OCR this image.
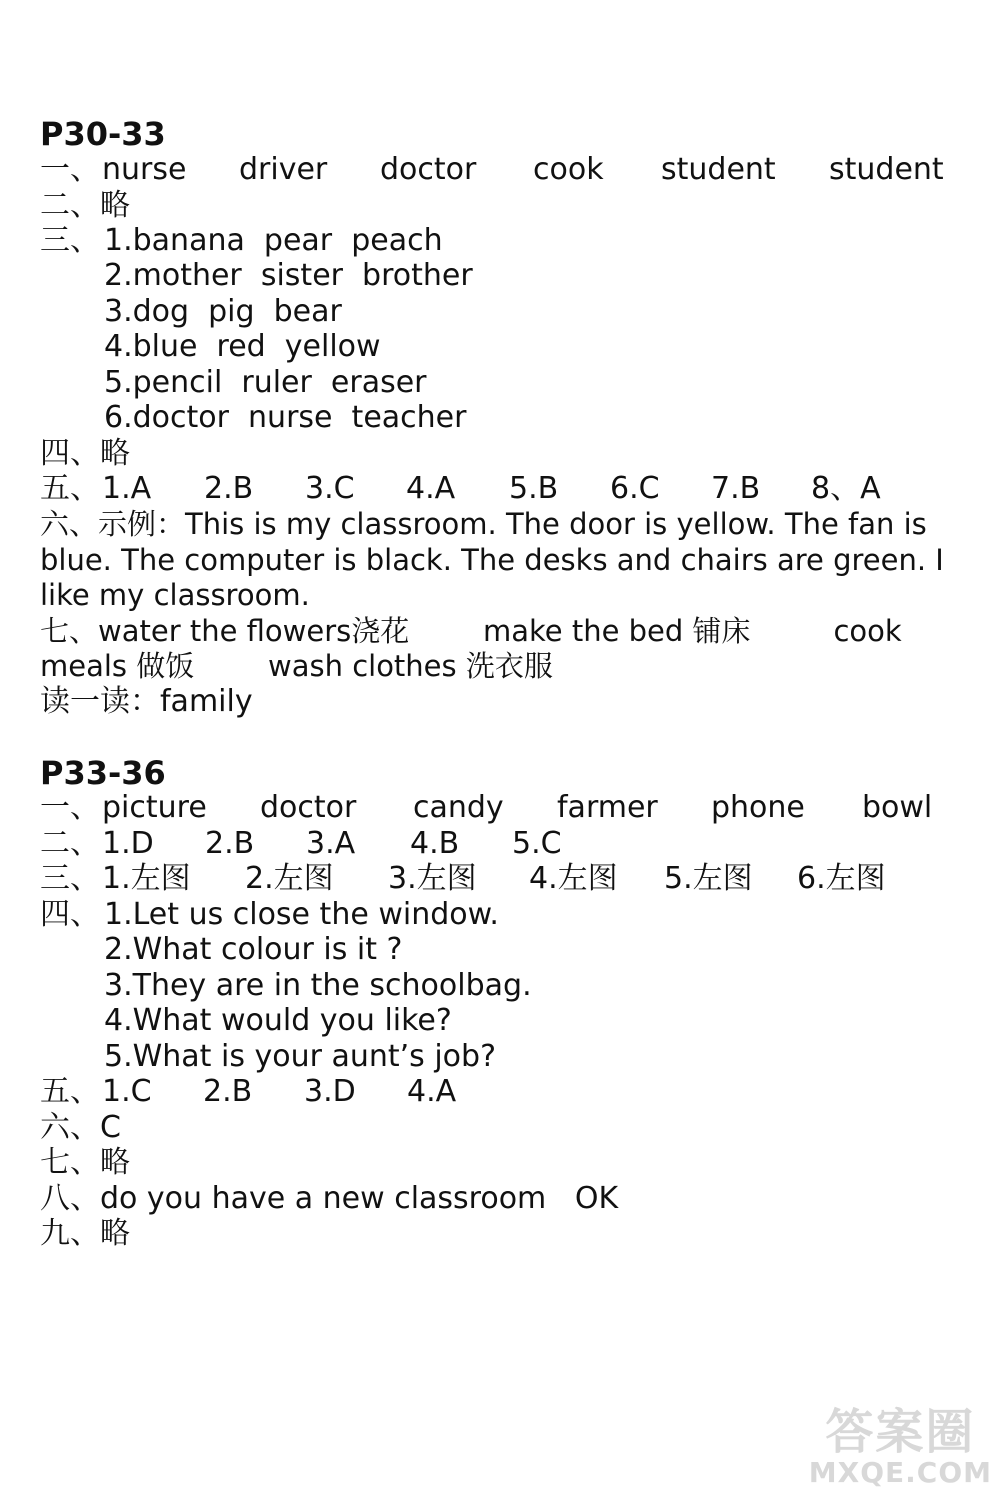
P30-33
一、 nurse	driver	doctor	cook	student	student
二、略
三、 1.banana  pear  peach
2.mother  sister  brother
3.dog  pig  bear
4.blue  red  yellow
5.pencil  ruler  eraser
6.doctor  nurse  teacher
四、略
五、 1.A	2.B	3.C	4.A	5.B	6.C	7.B	8、A
六、示例：This is my classroom. The door is yellow. The fan is
blue. The computer is black. The desks and chairs are green. I
like my classroom.
七、water the flowers浇花        make the bed 铺床         cook
meals 做饭        wash clothes 洗衣服
读一读：family
P33-36
一、 picture	doctor	candy	farmer	phone	bowl
二、 1.D	2.B	3.A	4.B	5.C
三、 1.左图	2.左图	3.左图	4.左图	5.左图	6.左图
四、 1.Let us close the window.
2.What colour is it ?
3.They are in the schoolbag.
4.What would you like?
5.What is your aunt’s job?
五、 1.C	2.B	3.D	4.A
六、C
七、略
八、do you have a new classroom   OK
九、略
答案圈
MXQE.COM
